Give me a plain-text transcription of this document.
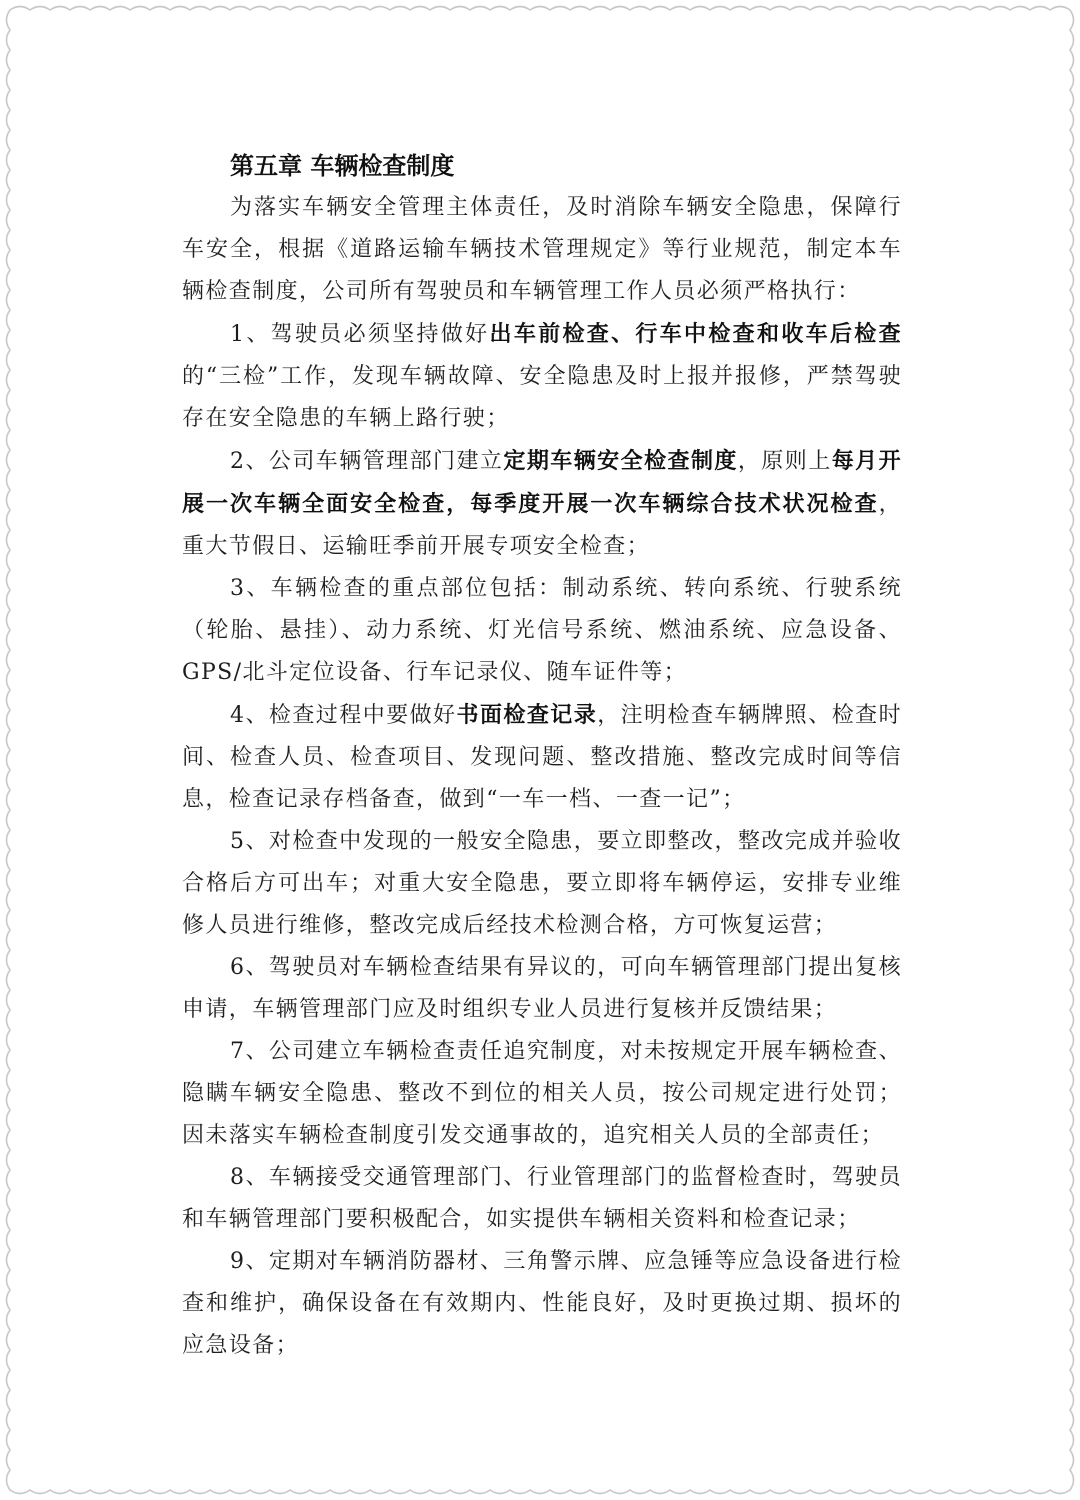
第五章 车辆检查制度

为落实车辆安全管理主体责任，及时消除车辆安全隐患，保障行车安全，根据《道路运输车辆技术管理规定》等行业规范，制定本车辆检查制度，公司所有驾驶员和车辆管理工作人员必须严格执行：

1、驾驶员必须坚持做好出车前检查、行车中检查和收车后检查的“三检”工作，发现车辆故障、安全隐患及时上报并报修，严禁驾驶存在安全隐患的车辆上路行驶；

2、公司车辆管理部门建立定期车辆安全检查制度，原则上每月开展一次车辆全面安全检查，每季度开展一次车辆综合技术状况检查，重大节假日、运输旺季前开展专项安全检查；

3、车辆检查的重点部位包括：制动系统、转向系统、行驶系统（轮胎、悬挂）、动力系统、灯光信号系统、燃油系统、应急设备、GPS/北斗定位设备、行车记录仪、随车证件等；

4、检查过程中要做好书面检查记录，注明检查车辆牌照、检查时间、检查人员、检查项目、发现问题、整改措施、整改完成时间等信息，检查记录存档备查，做到“一车一档、一查一记”；

5、对检查中发现的一般安全隐患，要立即整改，整改完成并验收合格后方可出车；对重大安全隐患，要立即将车辆停运，安排专业维修人员进行维修，整改完成后经技术检测合格，方可恢复运营；

6、驾驶员对车辆检查结果有异议的，可向车辆管理部门提出复核申请，车辆管理部门应及时组织专业人员进行复核并反馈结果；

7、公司建立车辆检查责任追究制度，对未按规定开展车辆检查、隐瞒车辆安全隐患、整改不到位的相关人员，按公司规定进行处罚；因未落实车辆检查制度引发交通事故的，追究相关人员的全部责任；

8、车辆接受交通管理部门、行业管理部门的监督检查时，驾驶员和车辆管理部门要积极配合，如实提供车辆相关资料和检查记录；

9、定期对车辆消防器材、三角警示牌、应急锤等应急设备进行检查和维护，确保设备在有效期内、性能良好，及时更换过期、损坏的应急设备；
